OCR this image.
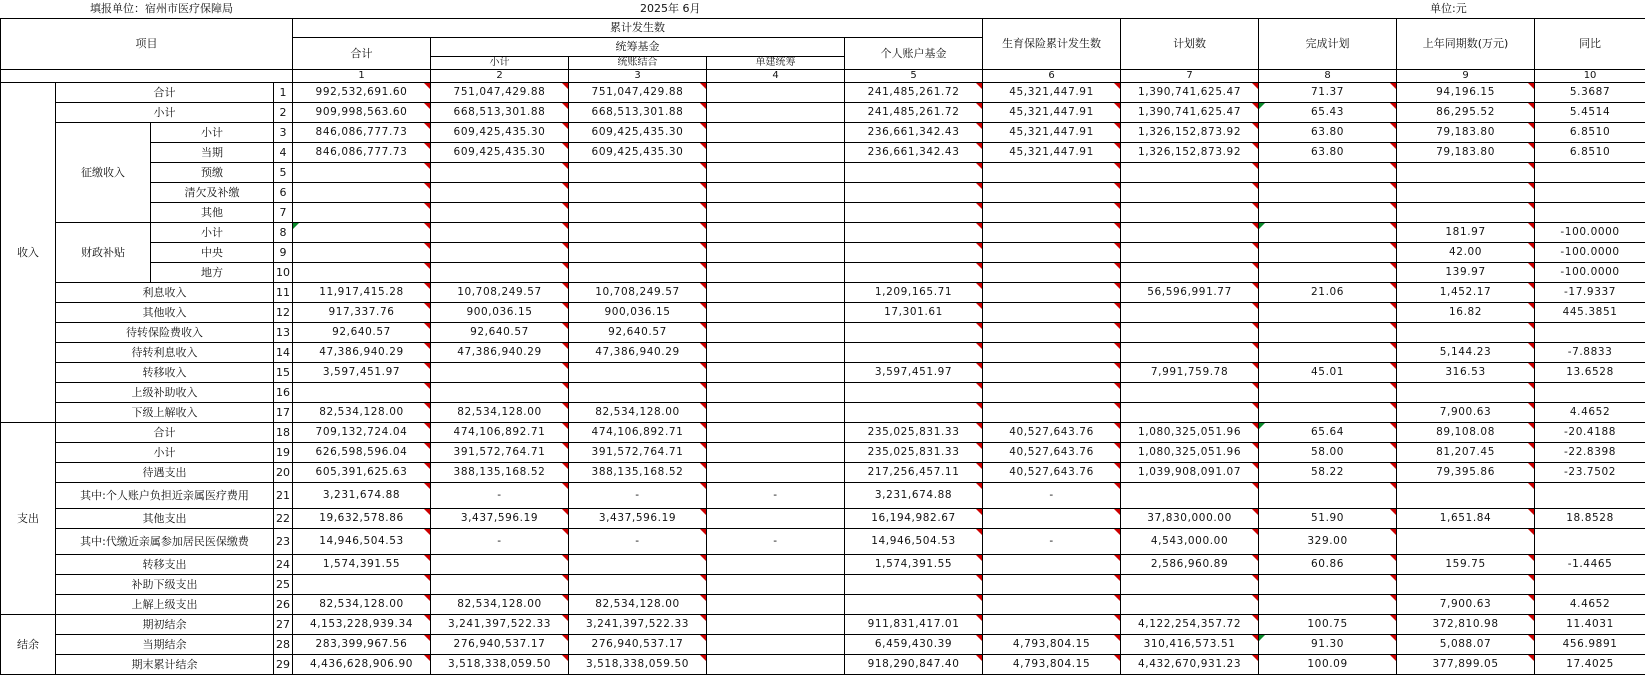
填报单位：宿州市医疗保障局	2025年 6月	单位:元
项目				累计发生数					生育保险累计发生数	计划数	完成计划	上年同期数(万元)	同比
				合计	统筹基金			个人账户基金					
					小计	统账结合	单建统筹						
				1	2	3	4	5	6	7	8	9	10
收入	合计		1	992,532,691.60	751,047,429.88	751,047,429.88		241,485,261.72	45,321,447.91	1,390,741,625.47	71.37	94,196.15	5.3687
	小计		2	909,998,563.60	668,513,301.88	668,513,301.88		241,485,261.72	45,321,447.91	1,390,741,625.47	65.43	86,295.52	5.4514
	征缴收入	小计	3	846,086,777.73	609,425,435.30	609,425,435.30		236,661,342.43	45,321,447.91	1,326,152,873.92	63.80	79,183.80	6.8510
		当期	4	846,086,777.73	609,425,435.30	609,425,435.30		236,661,342.43	45,321,447.91	1,326,152,873.92	63.80	79,183.80	6.8510
		预缴	5										
		清欠及补缴	6										
		其他	7										
	财政补贴	小计	8									181.97	-100.0000
		中央	9									42.00	-100.0000
		地方	10									139.97	-100.0000
	利息收入		11	11,917,415.28	10,708,249.57	10,708,249.57		1,209,165.71		56,596,991.77	21.06	1,452.17	-17.9337
	其他收入		12	917,337.76	900,036.15	900,036.15		17,301.61				16.82	445.3851
	待转保险费收入		13	92,640.57	92,640.57	92,640.57							
	待转利息收入		14	47,386,940.29	47,386,940.29	47,386,940.29						5,144.23	-7.8833
	转移收入		15	3,597,451.97				3,597,451.97		7,991,759.78	45.01	316.53	13.6528
	上级补助收入		16										
	下级上解收入		17	82,534,128.00	82,534,128.00	82,534,128.00						7,900.63	4.4652
支出	合计		18	709,132,724.04	474,106,892.71	474,106,892.71		235,025,831.33	40,527,643.76	1,080,325,051.96	65.64	89,108.08	-20.4188
	小计		19	626,598,596.04	391,572,764.71	391,572,764.71		235,025,831.33	40,527,643.76	1,080,325,051.96	58.00	81,207.45	-22.8398
	待遇支出		20	605,391,625.63	388,135,168.52	388,135,168.52		217,256,457.11	40,527,643.76	1,039,908,091.07	58.22	79,395.86	-23.7502
	其中:个人账户负担近亲属医疗费用		21	3,231,674.88	-	-	-	3,231,674.88	-				
	其他支出		22	19,632,578.86	3,437,596.19	3,437,596.19		16,194,982.67		37,830,000.00	51.90	1,651.84	18.8528
	其中:代缴近亲属参加居民医保缴费		23	14,946,504.53	-	-	-	14,946,504.53	-	4,543,000.00	329.00		
	转移支出		24	1,574,391.55				1,574,391.55		2,586,960.89	60.86	159.75	-1.4465
	补助下级支出		25										
	上解上级支出		26	82,534,128.00	82,534,128.00	82,534,128.00						7,900.63	4.4652
结余	期初结余		27	4,153,228,939.34	3,241,397,522.33	3,241,397,522.33		911,831,417.01		4,122,254,357.72	100.75	372,810.98	11.4031
	当期结余		28	283,399,967.56	276,940,537.17	276,940,537.17		6,459,430.39	4,793,804.15	310,416,573.51	91.30	5,088.07	456.9891
	期末累计结余		29	4,436,628,906.90	3,518,338,059.50	3,518,338,059.50		918,290,847.40	4,793,804.15	4,432,670,931.23	100.09	377,899.05	17.4025
